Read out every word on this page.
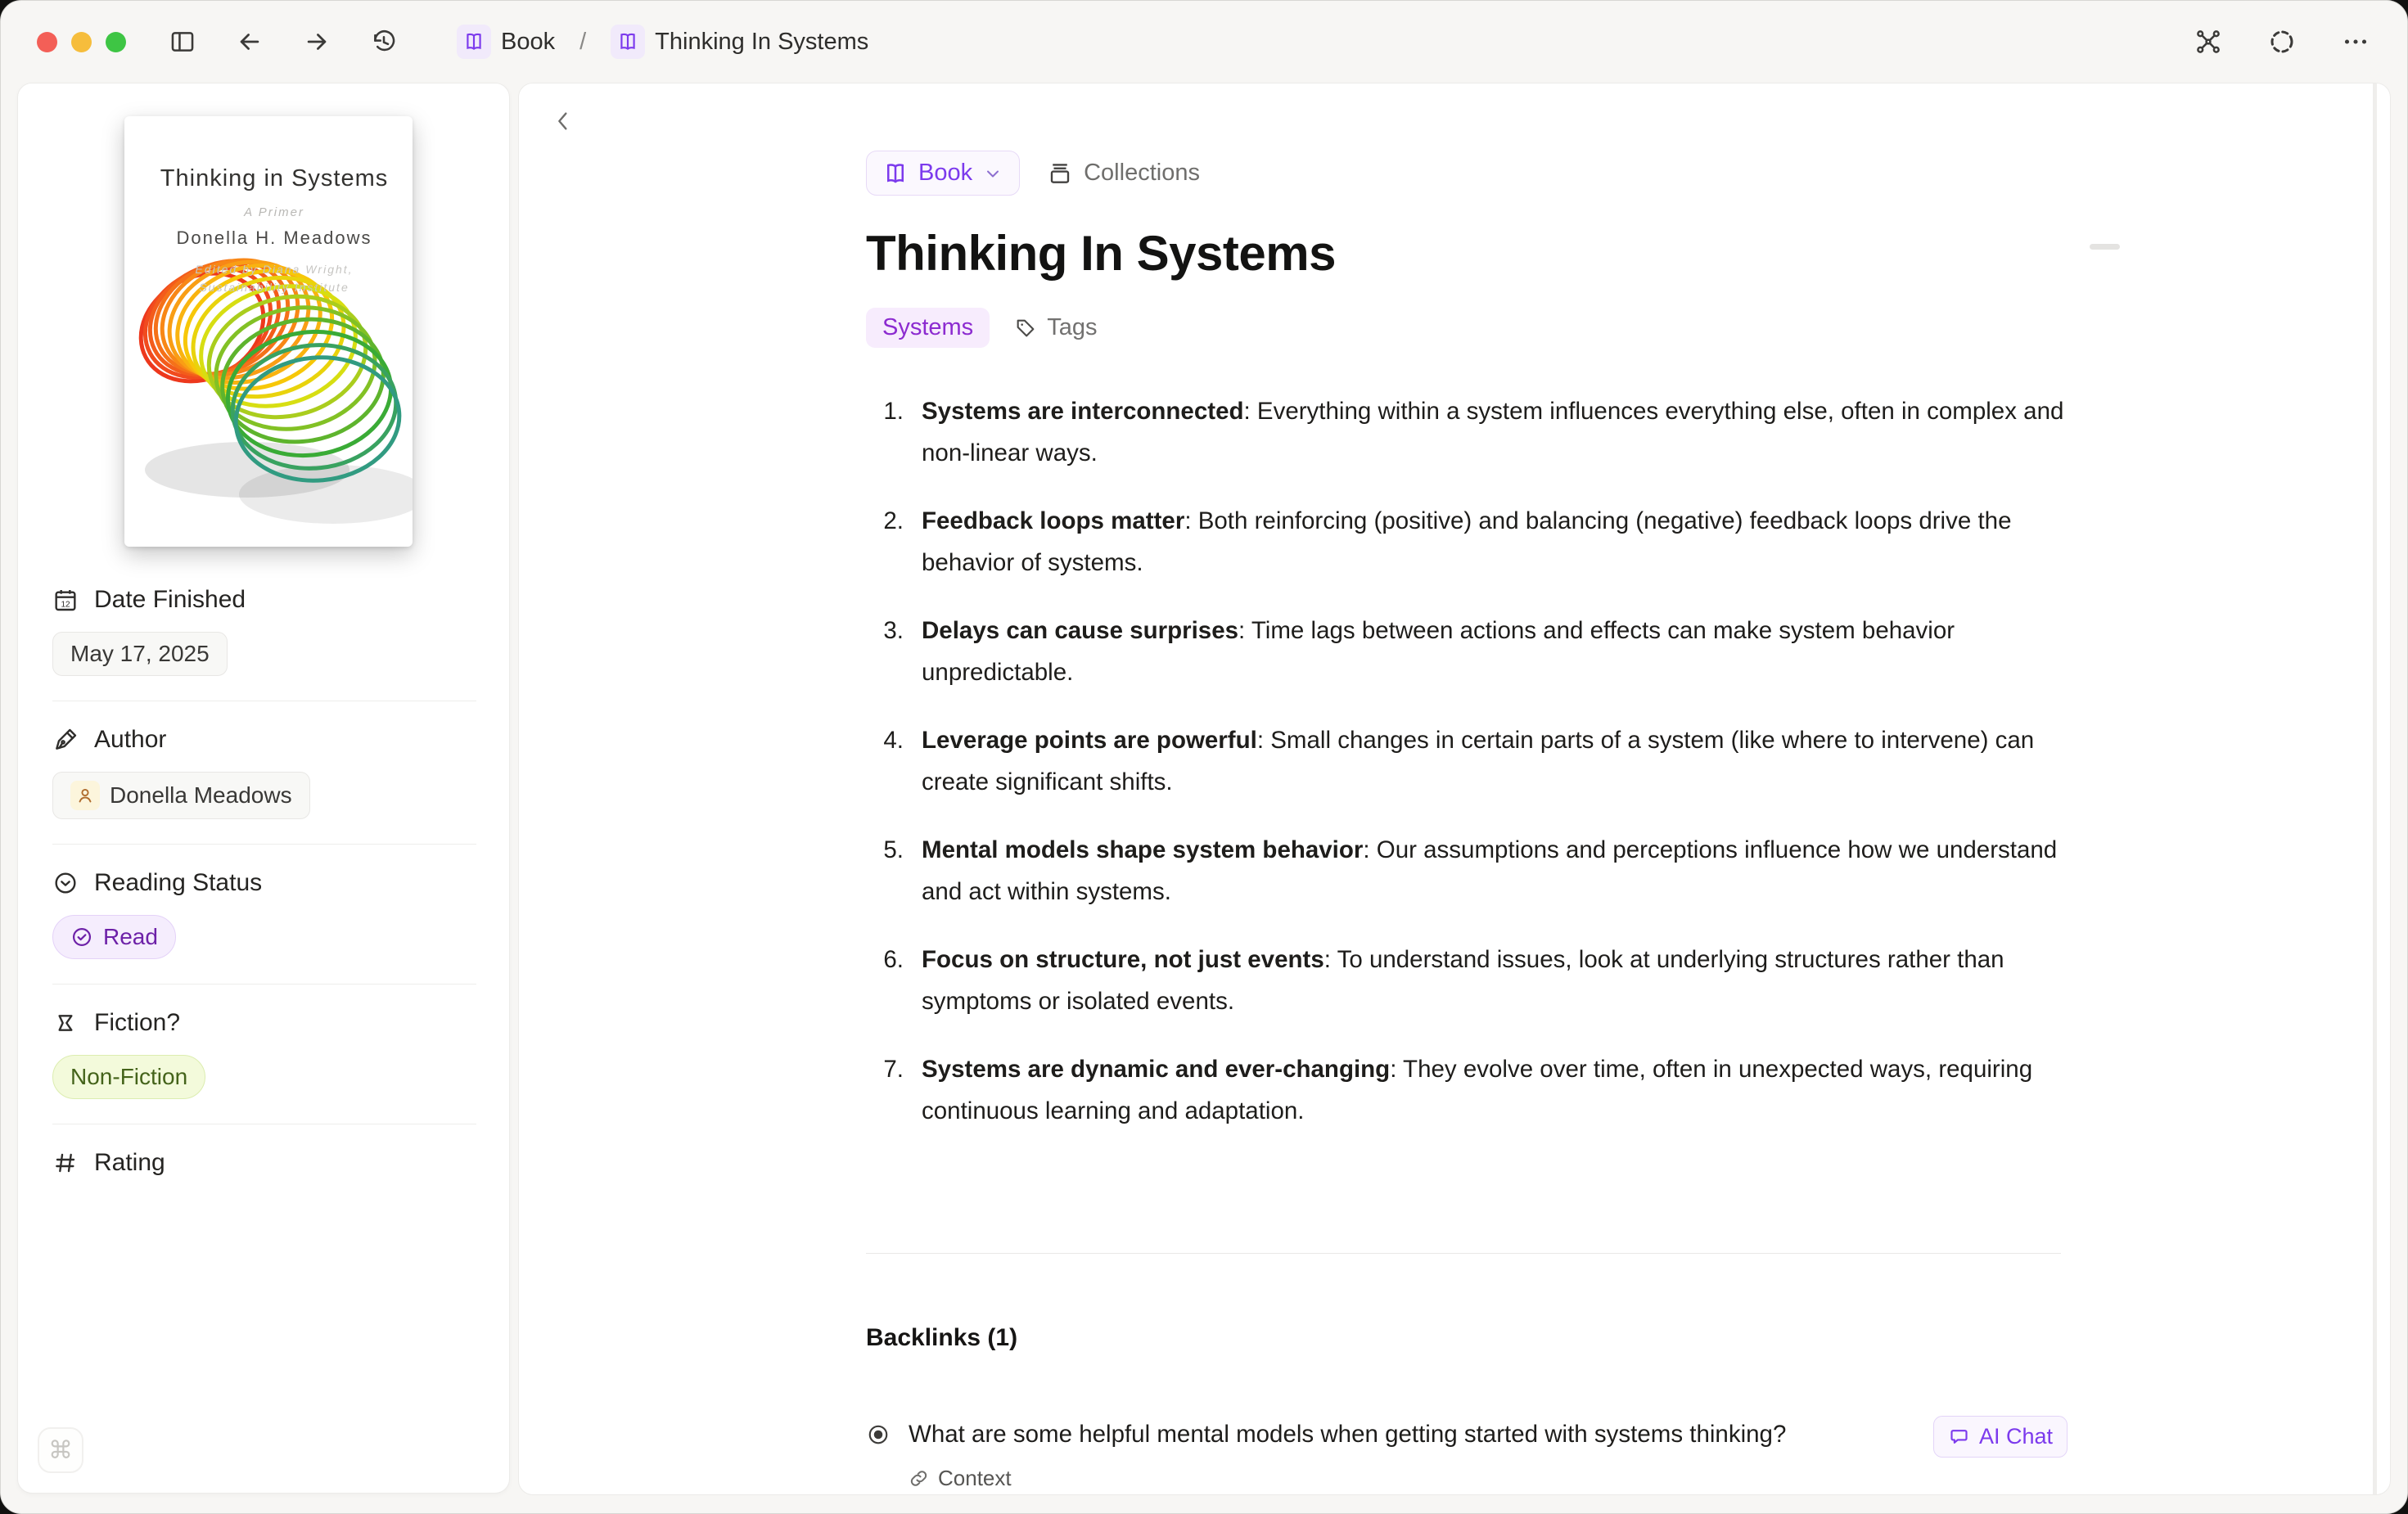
Book /	Thinking In Systems
Thinking in Systems
A Primer
Donella H. Meadows
Edited by Diana Wright,
Sustainability Institute
12 Date Finished
May 17, 2025
Author
Donella Meadows
Reading Status
Read
Fiction?
Non-Fiction
Rating
⌘
Book	Collections
Thinking In Systems
Systems	Tags
1. Systems are interconnected: Everything within a system influences everything else, often in complex and non-linear ways.

2. Feedback loops matter: Both reinforcing (positive) and balancing (negative) feedback loops drive the behavior of systems.

3. Delays can cause surprises: Time lags between actions and effects can make system behavior unpredictable.

4. Leverage points are powerful: Small changes in certain parts of a system (like where to intervene) can create significant shifts.

5. Mental models shape system behavior: Our assumptions and perceptions influence how we understand and act within systems.

6. Focus on structure, not just events: To understand issues, look at underlying structures rather than symptoms or isolated events.

7. Systems are dynamic and ever-changing: They evolve over time, often in unexpected ways, requiring continuous learning and adaptation.

Backlinks (1)
What are some helpful mental models when getting started with systems thinking?
Context
AI Chat
